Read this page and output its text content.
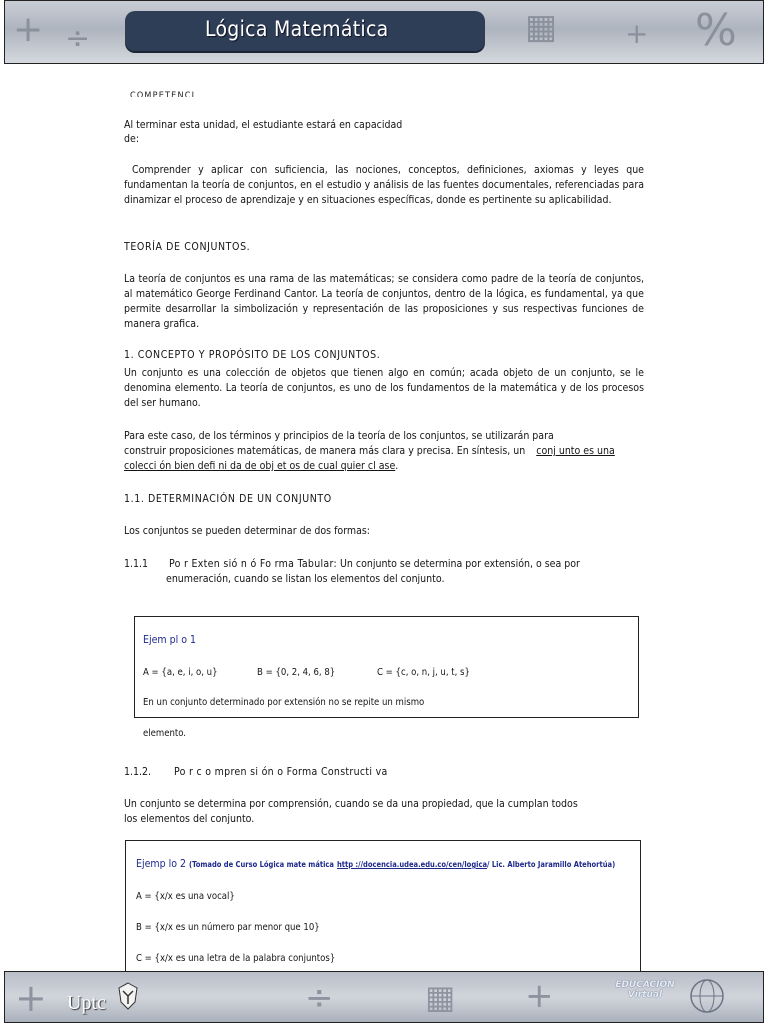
+ ÷	Lógica Matemática	▦	%
+
COMPETENCI

Al terminar esta unidad, el estudiante estará en capacidad

de:

Comprender y aplicar con suficiencia, las nociones, conceptos, definiciones, axiomas y leyes que fundamentan la teoría de conjuntos, en el estudio y análisis de las fuentes documentales, referenciadas para dinamizar el proceso de aprendizaje y en situaciones específicas, donde es pertinente su aplicabilidad.

TEORÍA DE CONJUNTOS.

La teoría de conjuntos es una rama de las matemáticas; se considera como padre de la teoría de conjuntos, al matemático George Ferdinand Cantor. La teoría de conjuntos, dentro de la lógica, es fundamental, ya que permite desarrollar la simbolización y representación de las proposiciones y sus respectivas funciones de manera grafica.

1. CONCEPTO Y PROPÓSITO DE LOS CONJUNTOS.

Un conjunto es una colección de objetos que tienen algo en común; acada objeto de un conjunto, se le denomina elemento. La teoría de conjuntos, es uno de los fundamentos de la matemática y de los procesos del ser humano.

Para este caso, de los términos y principios de la teoría de los conjuntos, se utilizarán para

construir proposiciones matemáticas, de manera más clara y precisa. En síntesis, un conj unto es una
colecci ón bien defi ni da de obj et os de cual quier cl ase.

1.1. DETERMINACIÓN DE UN CONJUNTO

Los conjuntos se pueden determinar de dos formas:

1.1.1 Po r Exten sió n ó Fo rma Tabular: Un conjunto se determina por extensión, o sea por

enumeración, cuando se listan los elementos del conjunto.

Ejem pl o 1
A = {a, e, i, o, u}	B = {0, 2, 4, 6, 8}	C = {c, o, n, j, u, t, s}
En un conjunto determinado por extensión no se repite un mismo

elemento.

1.1.2. Po r c o mpren si ón o Forma Constructi va

Un conjunto se determina por comprensión, cuando se da una propiedad, que la cumplan todos

los elementos del conjunto.

Ejemp lo 2 (Tomado de Curso Lógica mate mática http ://docencia.udea.edu.co/cen/logica/ Lic. Alberto Jaramillo Atehortúa)
A = {x/x es una vocal}
B = {x/x es un número par menor que 10}
C = {x/x es una letra de la palabra conjuntos}
+ Uptc	÷	▦ +	EDUCACIÓN
Virtual
